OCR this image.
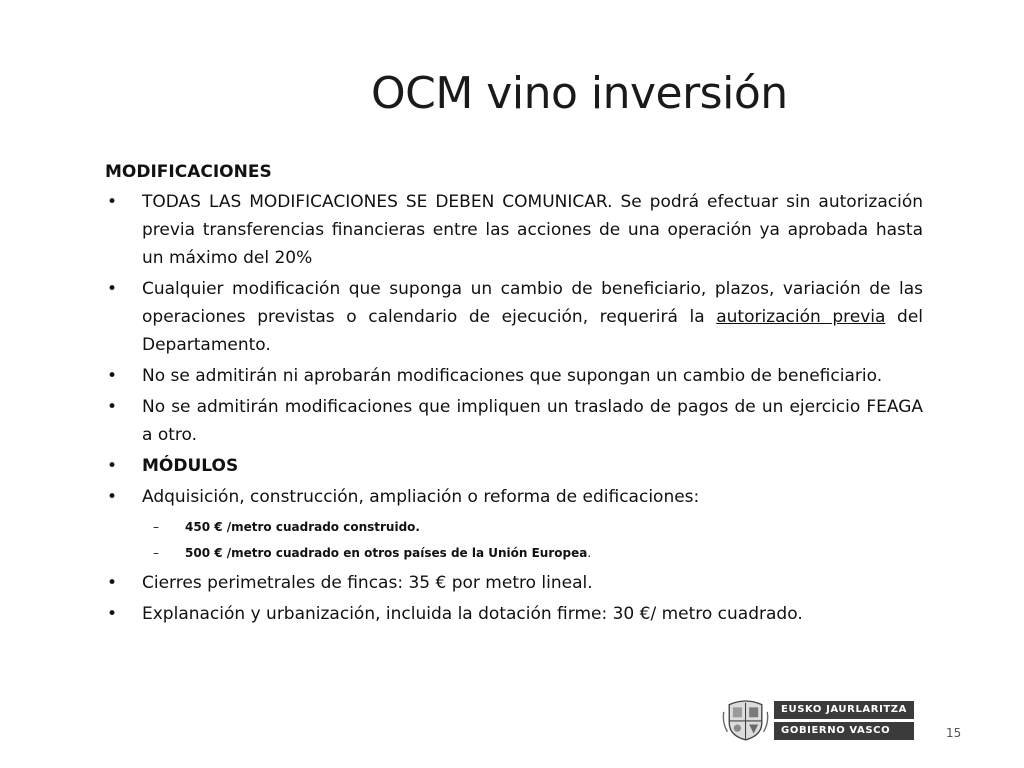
OCM vino inversión
MODIFICACIONES
• TODAS LAS MODIFICACIONES SE DEBEN COMUNICAR. Se podrá efectuar sin autorización previa transferencias financieras entre las acciones de una operación ya aprobada hasta un máximo del 20%
• Cualquier modificación que suponga un cambio de beneficiario, plazos, variación de las operaciones previstas o calendario de ejecución, requerirá la autorización previa del Departamento.
• No se admitirán ni aprobarán modificaciones que supongan un cambio de beneficiario.
• No se admitirán modificaciones que impliquen un traslado de pagos de un ejercicio FEAGA a otro.
• MÓDULOS
• Adquisición, construcción, ampliación o reforma de edificaciones:
– 450 € /metro cuadrado construido.
– 500 € /metro cuadrado en otros países de la Unión Europea.
• Cierres perimetrales de fincas: 35 € por metro lineal.
• Explanación y urbanización, incluida la dotación firme: 30 €/ metro cuadrado.
EUSKO JAURLARITZA
GOBIERNO VASCO	15
